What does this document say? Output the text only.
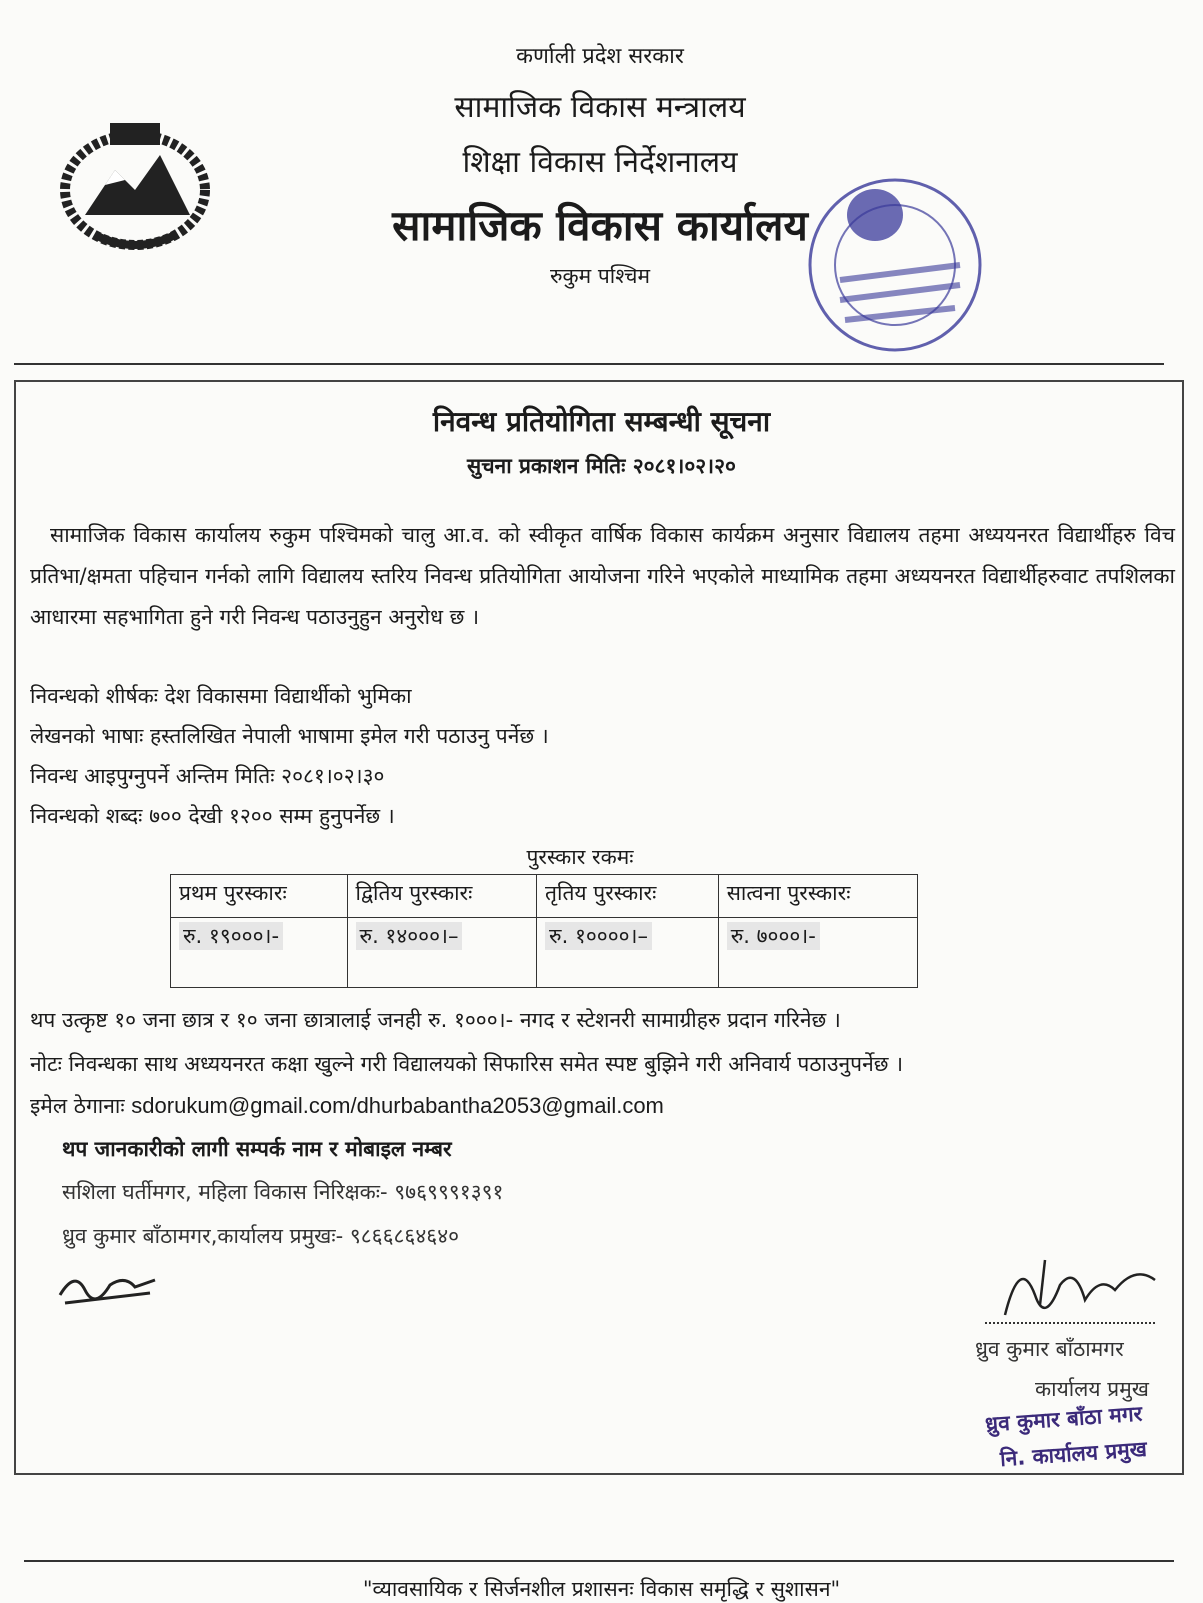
कर्णाली प्रदेश सरकार
सामाजिक विकास मन्त्रालय
शिक्षा विकास निर्देशनालय
सामाजिक विकास कार्यालय
रुकुम पश्चिम
निवन्ध प्रतियोगिता सम्बन्धी सूचना
सुचना प्रकाशन मितिः २०८१।०२।२०
सामाजिक विकास कार्यालय रुकुम पश्चिमको चालु आ.व. को स्वीकृत वार्षिक विकास कार्यक्रम अनुसार विद्यालय तहमा अध्ययनरत विद्यार्थीहरु विच प्रतिभा/क्षमता पहिचान गर्नको लागि विद्यालय स्तरिय निवन्ध प्रतियोगिता आयोजना गरिने भएकोले माध्यामिक तहमा अध्ययनरत विद्यार्थीहरुवाट तपशिलका आधारमा सहभागिता हुने गरी निवन्ध पठाउनुहुन अनुरोध छ ।
निवन्धको शीर्षकः देश विकासमा विद्यार्थीको भुमिका
लेखनको भाषाः हस्तलिखित नेपाली भाषामा इमेल गरी पठाउनु पर्नेछ ।
निवन्ध आइपुग्नुपर्ने अन्तिम मितिः २०८१।०२।३०
निवन्धको शब्दः ७०० देखी १२०० सम्म हुनुपर्नेछ ।
पुरस्कार रकमः
प्रथम पुरस्कारः	द्वितिय पुरस्कारः	तृतिय पुरस्कारः	सात्वना पुरस्कारः
रु. १९०००।-	रु. १४०००।–	रु. १००००।–	रु. ७०००।-
थप उत्कृष्ट १० जना छात्र र १० जना छात्रालाई जनही रु. १०००।- नगद र स्टेशनरी सामाग्रीहरु प्रदान गरिनेछ ।
नोटः निवन्धका साथ अध्ययनरत कक्षा खुल्ने गरी विद्यालयको सिफारिस समेत स्पष्ट बुझिने गरी अनिवार्य पठाउनुपर्नेछ ।
इमेल ठेगानाः sdorukum@gmail.com/dhurbabantha2053@gmail.com
थप जानकारीको लागी सम्पर्क नाम र मोबाइल नम्बर
सशिला घर्तीमगर, महिला विकास निरिक्षकः- ९७६९९९१३९१
ध्रुव कुमार बाँठामगर,कार्यालय प्रमुखः- ९८६६८६४६४०
ध्रुव कुमार बाँठामगर
कार्यालय प्रमुख
ध्रुव कुमार बाँठा मगर
नि. कार्यालय प्रमुख
"व्यावसायिक र सिर्जनशील प्रशासनः विकास समृद्धि र सुशासन"
